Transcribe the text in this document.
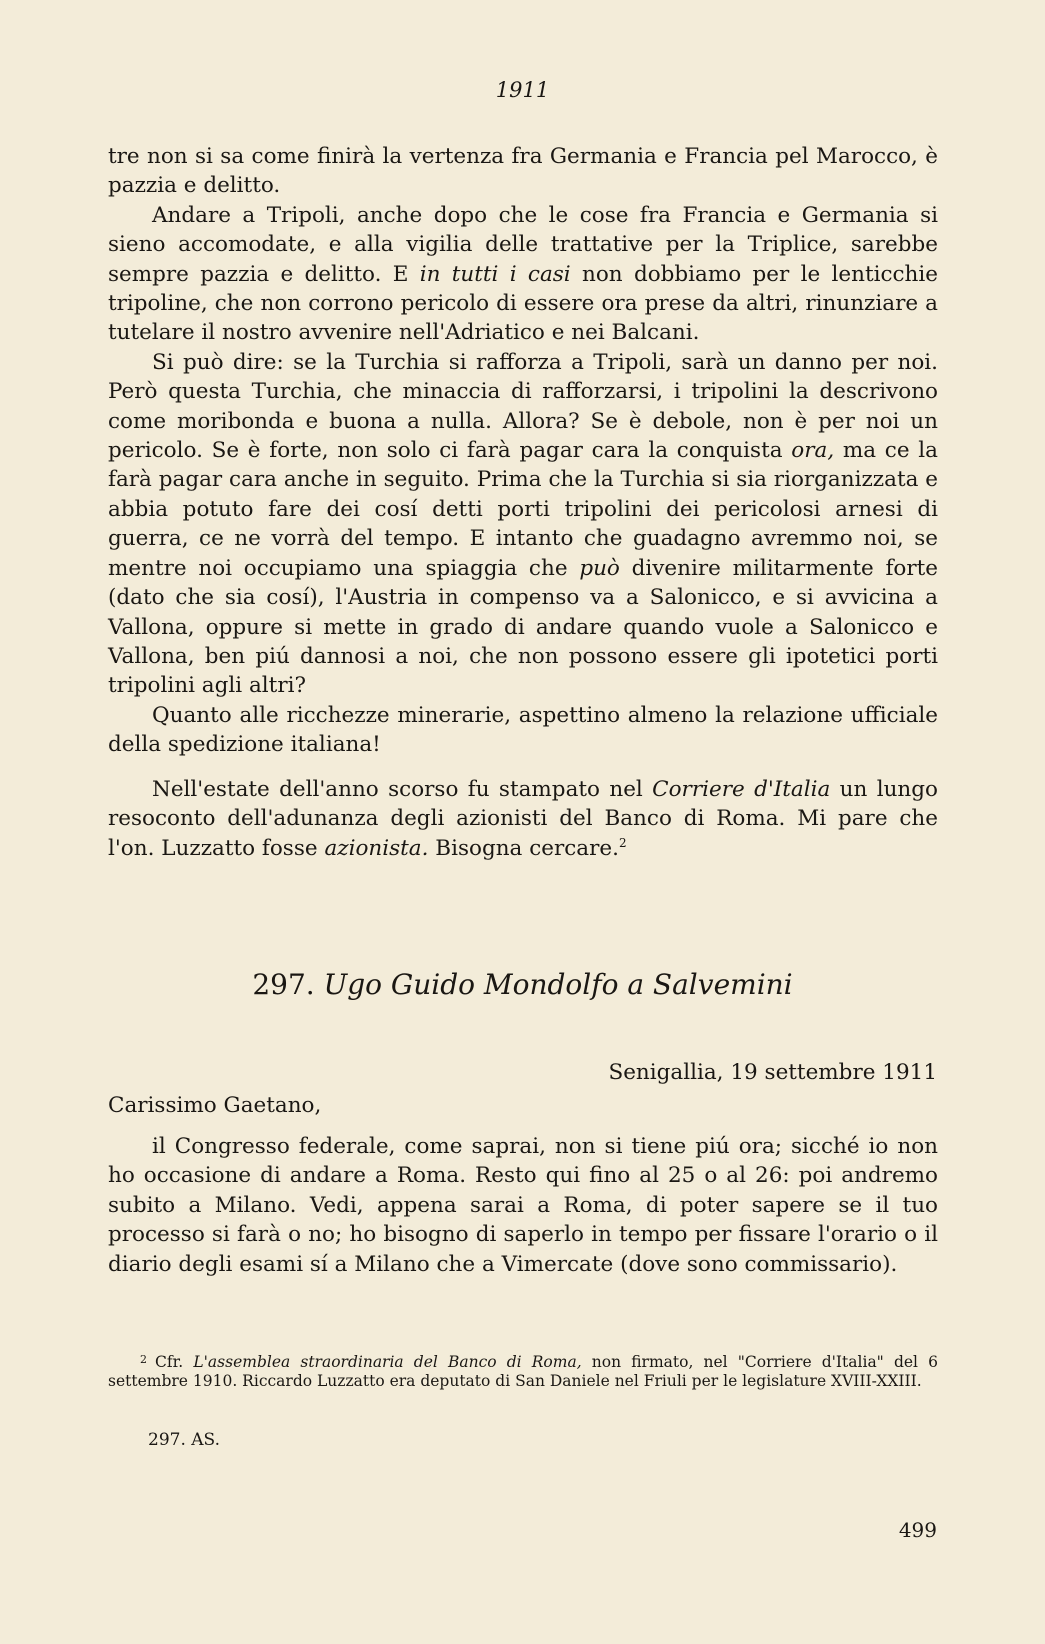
1911

tre non si sa come finirà la vertenza fra Germania e Francia pel Marocco, è pazzia e delitto.

Andare a Tripoli, anche dopo che le cose fra Francia e Germania si sieno accomodate, e alla vigilia delle trattative per la Triplice, sarebbe sempre pazzia e delitto. E in tutti i casi non dobbiamo per le lenticchie tripoline, che non corrono pericolo di essere ora prese da altri, rinunziare a tutelare il nostro avvenire nell'Adriatico e nei Balcani.

Si può dire: se la Turchia si rafforza a Tripoli, sarà un danno per noi. Però questa Turchia, che minaccia di rafforzarsi, i tripolini la descrivono come moribonda e buona a nulla. Allora? Se è debole, non è per noi un pericolo. Se è forte, non solo ci farà pagar cara la conquista ora, ma ce la farà pagar cara anche in seguito. Prima che la Turchia si sia riorganizzata e abbia potuto fare dei cosí detti porti tripolini dei pericolosi arnesi di guerra, ce ne vorrà del tempo. E intanto che guadagno avremmo noi, se mentre noi occupiamo una spiaggia che può divenire militarmente forte (dato che sia cosí), l'Austria in compenso va a Salonicco, e si avvicina a Vallona, oppure si mette in grado di andare quando vuole a Salonicco e Vallona, ben piú dannosi a noi, che non possono essere gli ipotetici porti tripolini agli altri?

Quanto alle ricchezze minerarie, aspettino almeno la relazione ufficiale della spedizione italiana!

Nell'estate dell'anno scorso fu stampato nel Corriere d'Italia un lungo resoconto dell'adunanza degli azionisti del Banco di Roma. Mi pare che l'on. Luzzatto fosse azionista. Bisogna cercare.$^2$

297. Ugo Guido Mondolfo a Salvemini
Senigallia, 19 settembre 1911
Carissimo Gaetano,

il Congresso federale, come saprai, non si tiene piú ora; sicché io non ho occasione di andare a Roma. Resto qui fino al 25 o al 26: poi andremo subito a Milano. Vedi, appena sarai a Roma, di poter sapere se il tuo processo si farà o no; ho bisogno di saperlo in tempo per fissare l'orario o il diario degli esami sí a Milano che a Vimercate (dove sono commissario).

$^2$ Cfr. L'assemblea straordinaria del Banco di Roma, non firmato, nel "Corriere d'Italia" del 6 settembre 1910. Riccardo Luzzatto era deputato di San Daniele nel Friuli per le legislature XVIII-XXIII.
297. AS.
499
